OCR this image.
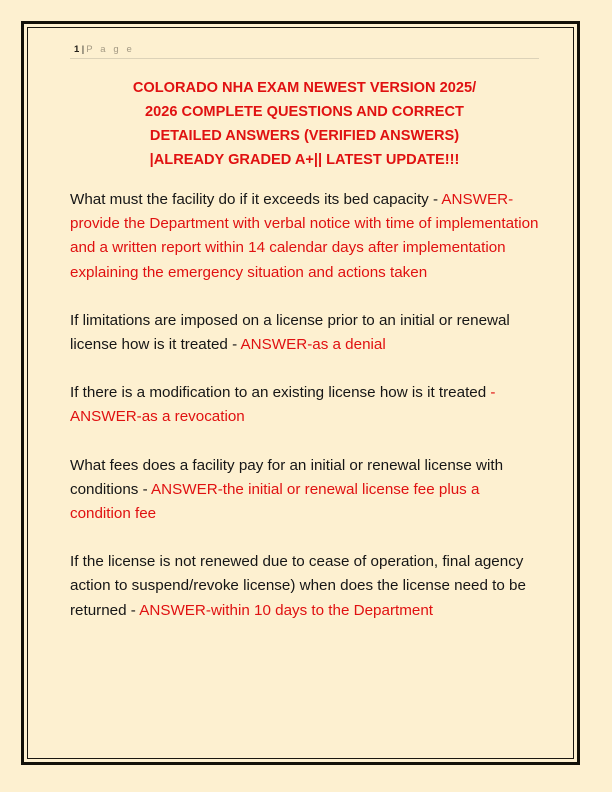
1 | P a g e
COLORADO NHA EXAM NEWEST VERSION 2025/
2026 COMPLETE QUESTIONS AND CORRECT
DETAILED ANSWERS (VERIFIED ANSWERS)
|ALREADY GRADED A+|| LATEST UPDATE!!!
What must the facility do if it exceeds its bed capacity - ANSWER-provide the Department with verbal notice with time of implementation and a written report within 14 calendar days after implementation explaining the emergency situation and actions taken
If limitations are imposed on a license prior to an initial or renewal license how is it treated - ANSWER-as a denial
If there is a modification to an existing license how is it treated - ANSWER-as a revocation
What fees does a facility pay for an initial or renewal license with conditions - ANSWER-the initial or renewal license fee plus a condition fee
If the license is not renewed due to cease of operation, final agency action to suspend/revoke license) when does the license need to be returned - ANSWER-within 10 days to the Department
